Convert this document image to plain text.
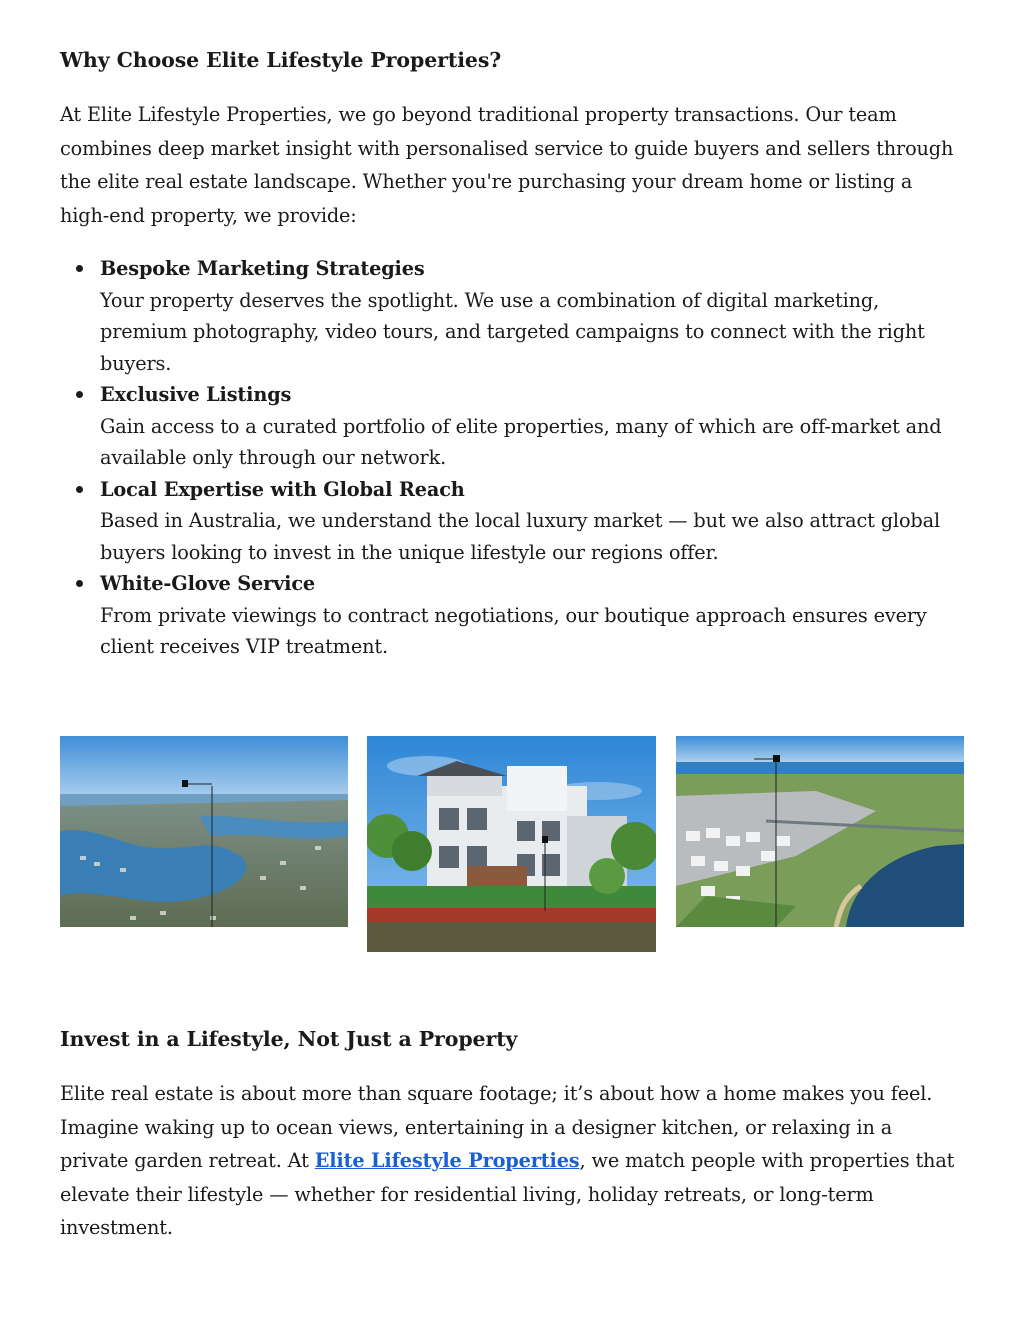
Why Choose Elite Lifestyle Properties?

At Elite Lifestyle Properties, we go beyond traditional property transactions. Our team combines deep market insight with personalised service to guide buyers and sellers through the elite real estate landscape. Whether you're purchasing your dream home or listing a high-end property, we provide:

Bespoke Marketing Strategies
Your property deserves the spotlight. We use a combination of digital marketing, premium photography, video tours, and targeted campaigns to connect with the right buyers.
Exclusive Listings
Gain access to a curated portfolio of elite properties, many of which are off-market and available only through our network.
Local Expertise with Global Reach
Based in Australia, we understand the local luxury market — but we also attract global buyers looking to invest in the unique lifestyle our regions offer.
White-Glove Service
From private viewings to contract negotiations, our boutique approach ensures every client receives VIP treatment.
Invest in a Lifestyle, Not Just a Property

Elite real estate is about more than square footage; it’s about how a home makes you feel. Imagine waking up to ocean views, entertaining in a designer kitchen, or relaxing in a private garden retreat. At Elite Lifestyle Properties, we match people with properties that elevate their lifestyle — whether for residential living, holiday retreats, or long-term investment.
